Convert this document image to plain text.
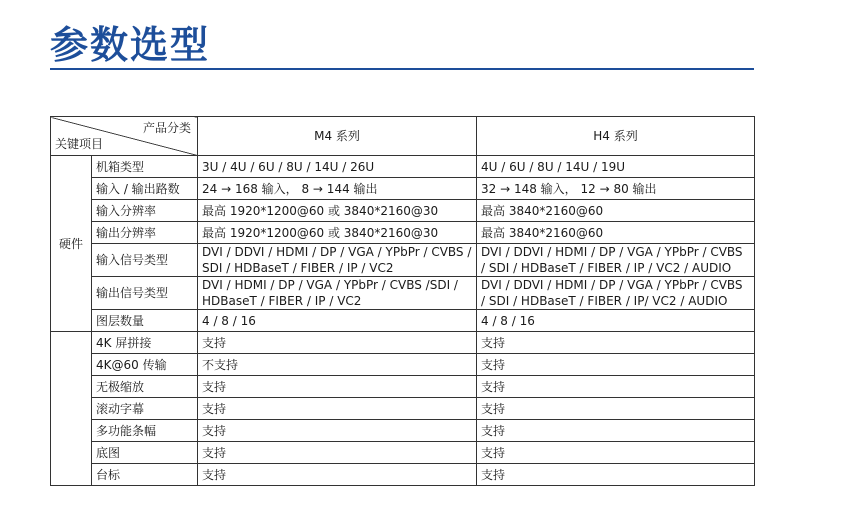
参数选型
产品分类
关键项目		M4 系列	H4 系列
硬件	机箱类型	3U / 4U / 6U / 8U / 14U / 26U	4U / 6U / 8U / 14U / 19U
	输入 / 输出路数	24 → 168 输入， 8 → 144 输出	32 → 148 输入， 12 → 80 输出
	输入分辨率	最高 1920*1200@60 或 3840*2160@30	最高 3840*2160@60
	输出分辨率	最高 1920*1200@60 或 3840*2160@30	最高 3840*2160@60
	输入信号类型	DVI / DDVI / HDMI / DP / VGA / YPbPr / CVBS / SDI / HDBaseT / FIBER / IP / VC2	DVI / DDVI / HDMI / DP / VGA / YPbPr / CVBS / SDI / HDBaseT / FIBER / IP / VC2 / AUDIO
	输出信号类型	DVI / HDMI / DP / VGA / YPbPr / CVBS /SDI / HDBaseT / FIBER / IP / VC2	DVI / DDVI / HDMI / DP / VGA / YPbPr / CVBS / SDI / HDBaseT / FIBER / IP/ VC2 / AUDIO
	图层数量	4 / 8 / 16	4 / 8 / 16
	4K 屏拼接	支持	支持
	4K@60 传输	不支持	支持
	无极缩放	支持	支持
	滚动字幕	支持	支持
	多功能条幅	支持	支持
	底图	支持	支持
	台标	支持	支持
